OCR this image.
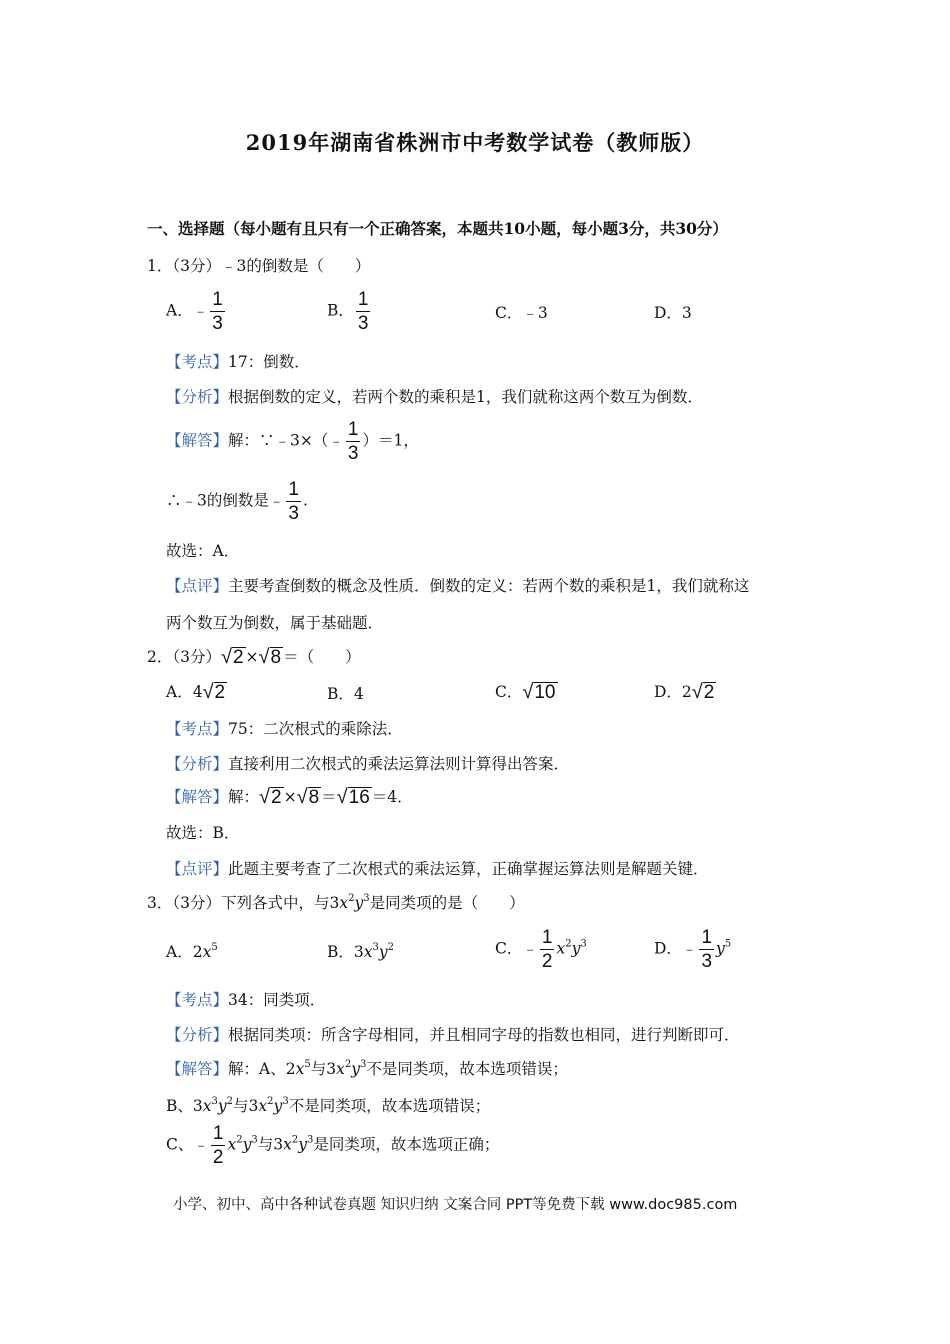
2019年湖南省株洲市中考数学试卷（教师版）
一、选择题（每小题有且只有一个正确答案，本题共10小题，每小题3分，共30分）
1．（3分）﹣3的倒数是（　　）
A．﹣ $\frac{1}{3}$	B． $\frac{1}{3}$	C．﹣3	D．3
【考点】17：倒数．
【分析】根据倒数的定义，若两个数的乘积是1，我们就称这两个数互为倒数．
【解答】解：∵﹣3×（﹣ $\frac{1}{3} )=1$，
∴﹣3的倒数是﹣ $\frac{1}{3}$ .
故选：A．
【点评】主要考查倒数的概念及性质．倒数的定义：若两个数的乘积是1，我们就称这
两个数互为倒数，属于基础题．
2．（3分） √ 2 × √ 8 ＝（　　）
A．4 √ 2	B．4	C． √ 10	D．2 √ 2
【考点】75：二次根式的乘除法．
【分析】直接利用二次根式的乘法运算法则计算得出答案．
【解答】解： √ 2 × √ 8 ＝ √ 16 ＝4．
故选：B．
【点评】此题主要考查了二次根式的乘法运算，正确掌握运算法则是解题关键．
3．（3分）下列各式中，与$3x^2y^3$是同类项的是（　　）
A．$2x^5$	B．$3x^3y^2$	C．﹣ $\frac{1}{2} x^2y^3$	D．﹣ $\frac{1}{3} y^5$
【考点】34：同类项．
【分析】根据同类项：所含字母相同，并且相同字母的指数也相同，进行判断即可．
【解答】解：A、$2x^5$与$3x^2y^3$不是同类项，故本选项错误；
B、$3x^3y^2$与$3x^2y^3$不是同类项，故本选项错误；
C、﹣ $\frac{1}{2} x^2y^3$与$3x^2y^3$是同类项，故本选项正确；
小学、初中、高中各种试卷真题 知识归纳 文案合同 PPT等免费下载 www.doc985.com
